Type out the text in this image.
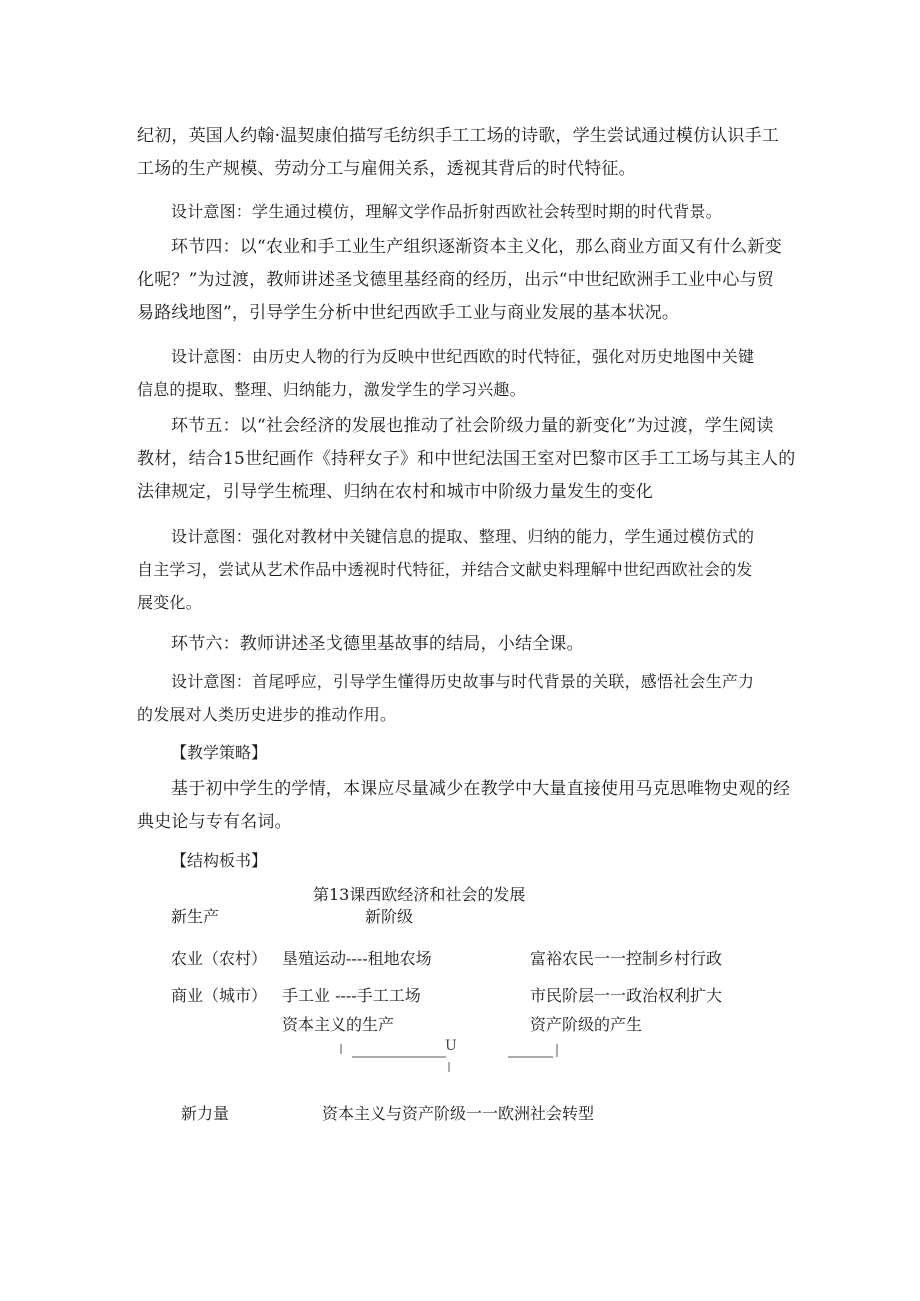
纪初，英国人约翰·温契康伯描写毛纺织手工工场的诗歌，学生尝试通过模仿认识手工
工场的生产规模、劳动分工与雇佣关系，透视其背后的时代特征。

设计意图：学生通过模仿，理解文学作品折射西欧社会转型时期的时代背景。

环节四：以“农业和手工业生产组织逐渐资本主义化，那么商业方面又有什么新变
化呢？”为过渡，教师讲述圣戈德里基经商的经历，出示“中世纪欧洲手工业中心与贸
易路线地图”，引导学生分析中世纪西欧手工业与商业发展的基本状况。

设计意图：由历史人物的行为反映中世纪西欧的时代特征，强化对历史地图中关键
信息的提取、整理、归纳能力，激发学生的学习兴趣。

环节五：以“社会经济的发展也推动了社会阶级力量的新变化”为过渡，学生阅读
教材，结合15世纪画作《持秤女子》和中世纪法国王室对巴黎市区手工工场与其主人的
法律规定，引导学生梳理、归纳在农村和城市中阶级力量发生的变化

设计意图：强化对教材中关键信息的提取、整理、归纳的能力，学生通过模仿式的
自主学习，尝试从艺术作品中透视时代特征，并结合文献史料理解中世纪西欧社会的发
展变化。

环节六：教师讲述圣戈德里基故事的结局，小结全课。

设计意图：首尾呼应，引导学生懂得历史故事与时代背景的关联，感悟社会生产力
的发展对人类历史进步的推动作用。

【教学策略】

基于初中学生的学情，本课应尽量减少在教学中大量直接使用马克思唯物史观的经
典史论与专有名词。

【结构板书】

第13课西欧经济和社会的发展
新生产	新阶级
农业（农村） 垦殖运动----租地农场	富裕农民一一控制乡村行政
商业（城市） 手工业 ----手工工场	市民阶层一一政治权利扩大
资本主义的生产	资产阶级的产生
U
新力量	资本主义与资产阶级一一欧洲社会转型
